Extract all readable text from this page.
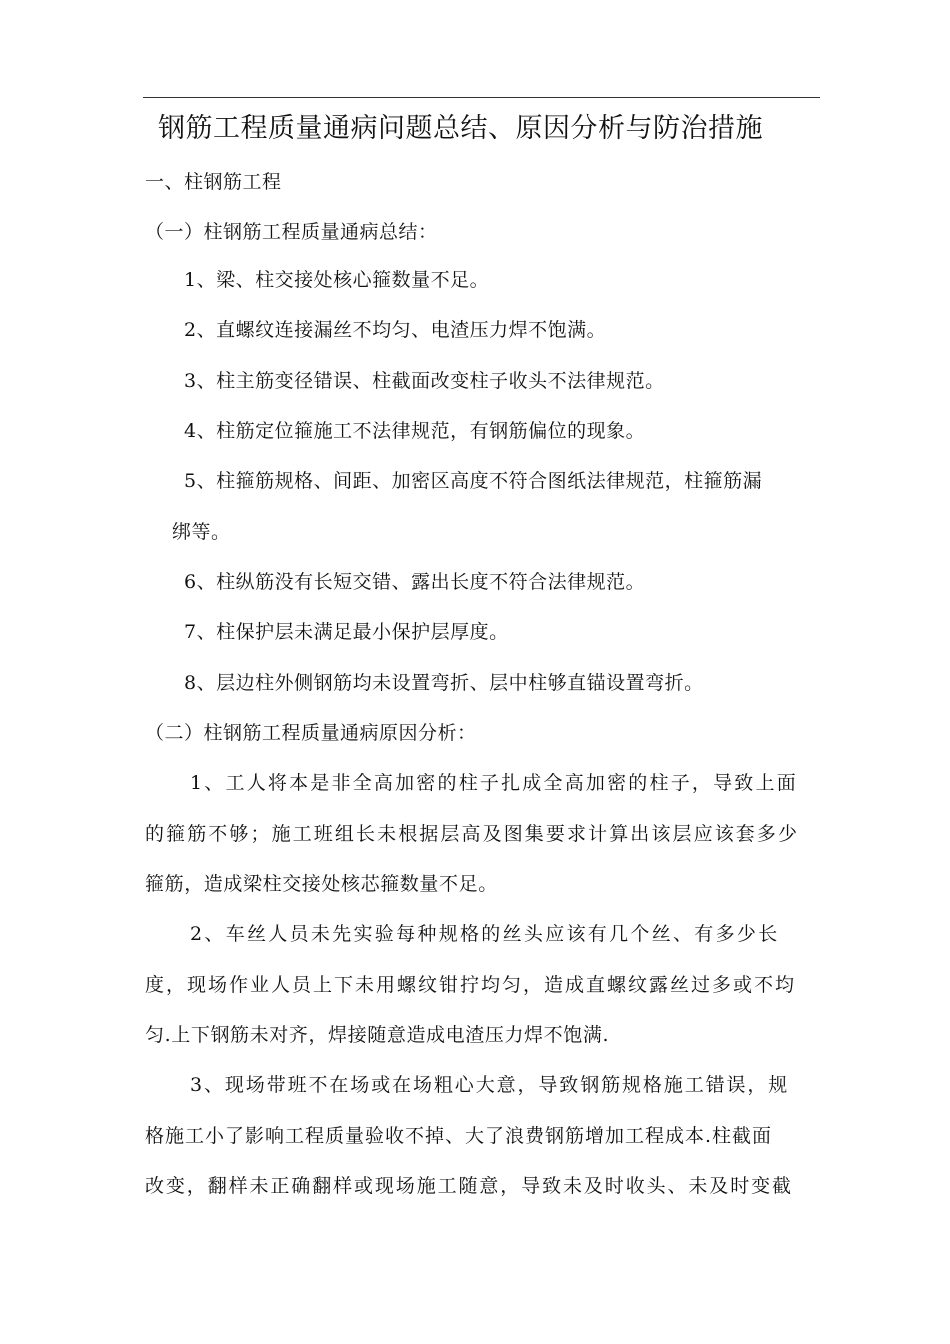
钢筋工程质量通病问题总结、原因分析与防治措施
一、柱钢筋工程
（一）柱钢筋工程质量通病总结：
1、梁、柱交接处核心箍数量不足。
2、直螺纹连接漏丝不均匀、电渣压力焊不饱满。
3、柱主筋变径错误、柱截面改变柱子收头不法律规范。
4、柱筋定位箍施工不法律规范，有钢筋偏位的现象。
5、柱箍筋规格、间距、加密区高度不符合图纸法律规范，柱箍筋漏
绑等。
6、柱纵筋没有长短交错、露出长度不符合法律规范。
7、柱保护层未满足最小保护层厚度。
8、层边柱外侧钢筋均未设置弯折、层中柱够直锚设置弯折。
（二）柱钢筋工程质量通病原因分析：
1、工人将本是非全高加密的柱子扎成全高加密的柱子，导致上面
的箍筋不够；施工班组长未根据层高及图集要求计算出该层应该套多少
箍筋，造成梁柱交接处核芯箍数量不足。
2、车丝人员未先实验每种规格的丝头应该有几个丝、有多少长
度，现场作业人员上下未用螺纹钳拧均匀，造成直螺纹露丝过多或不均
匀.上下钢筋未对齐，焊接随意造成电渣压力焊不饱满.
3、现场带班不在场或在场粗心大意，导致钢筋规格施工错误，规
格施工小了影响工程质量验收不掉、大了浪费钢筋增加工程成本.柱截面
改变，翻样未正确翻样或现场施工随意，导致未及时收头、未及时变截
